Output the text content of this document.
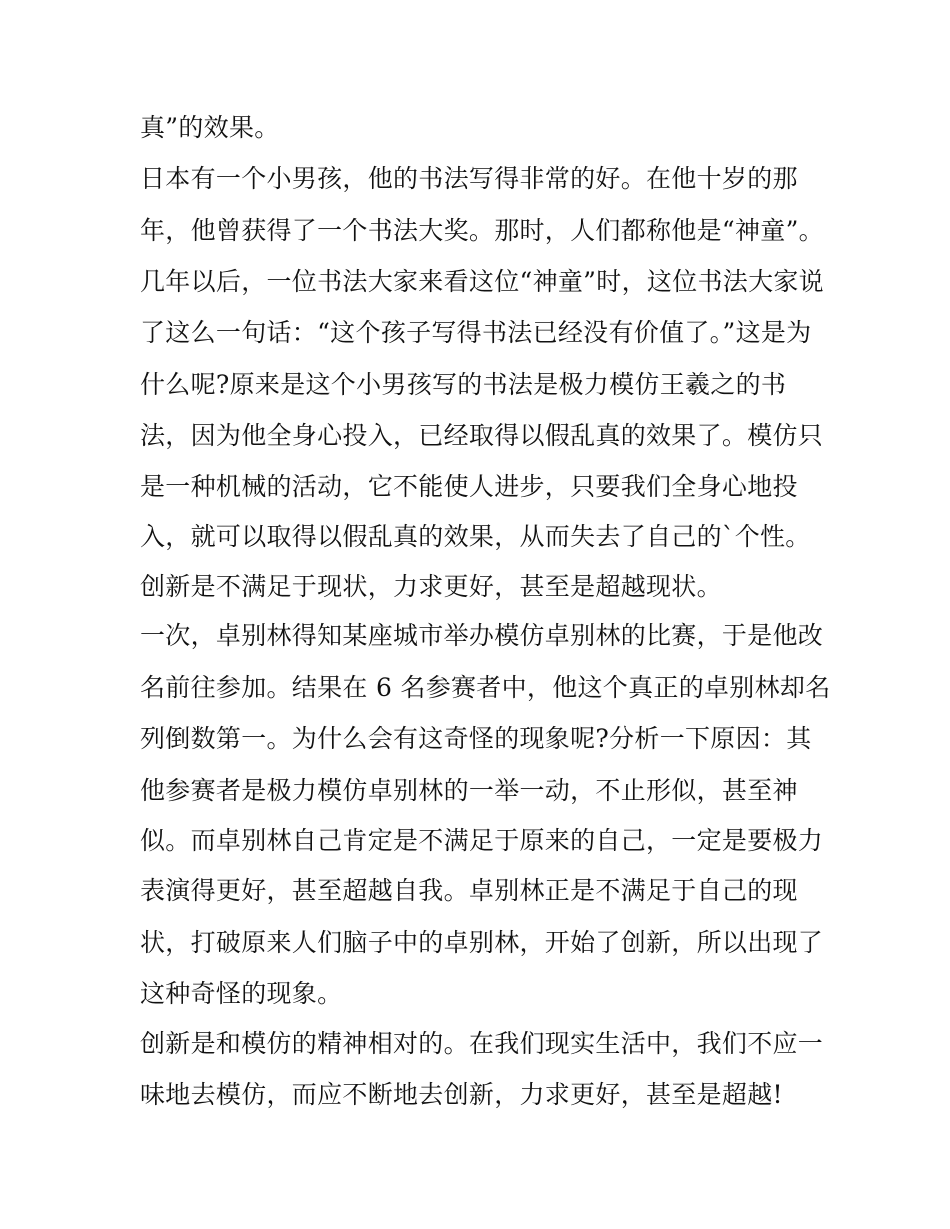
真”的效果。
日本有一个小男孩，他的书法写得非常的好。在他十岁的那
年，他曾获得了一个书法大奖。那时，人们都称他是“神童”。
几年以后，一位书法大家来看这位“神童”时，这位书法大家说
了这么一句话：“这个孩子写得书法已经没有价值了。”这是为
什么呢?原来是这个小男孩写的书法是极力模仿王羲之的书
法，因为他全身心投入，已经取得以假乱真的效果了。模仿只
是一种机械的活动，它不能使人进步，只要我们全身心地投
入，就可以取得以假乱真的效果，从而失去了自己的`个性。
创新是不满足于现状，力求更好，甚至是超越现状。
一次，卓别林得知某座城市举办模仿卓别林的比赛，于是他改
名前往参加。结果在 6 名参赛者中，他这个真正的卓别林却名
列倒数第一。为什么会有这奇怪的现象呢?分析一下原因：其
他参赛者是极力模仿卓别林的一举一动，不止形似，甚至神
似。而卓别林自己肯定是不满足于原来的自己，一定是要极力
表演得更好，甚至超越自我。卓别林正是不满足于自己的现
状，打破原来人们脑子中的卓别林，开始了创新，所以出现了
这种奇怪的现象。
创新是和模仿的精神相对的。在我们现实生活中，我们不应一
味地去模仿，而应不断地去创新，力求更好，甚至是超越!
